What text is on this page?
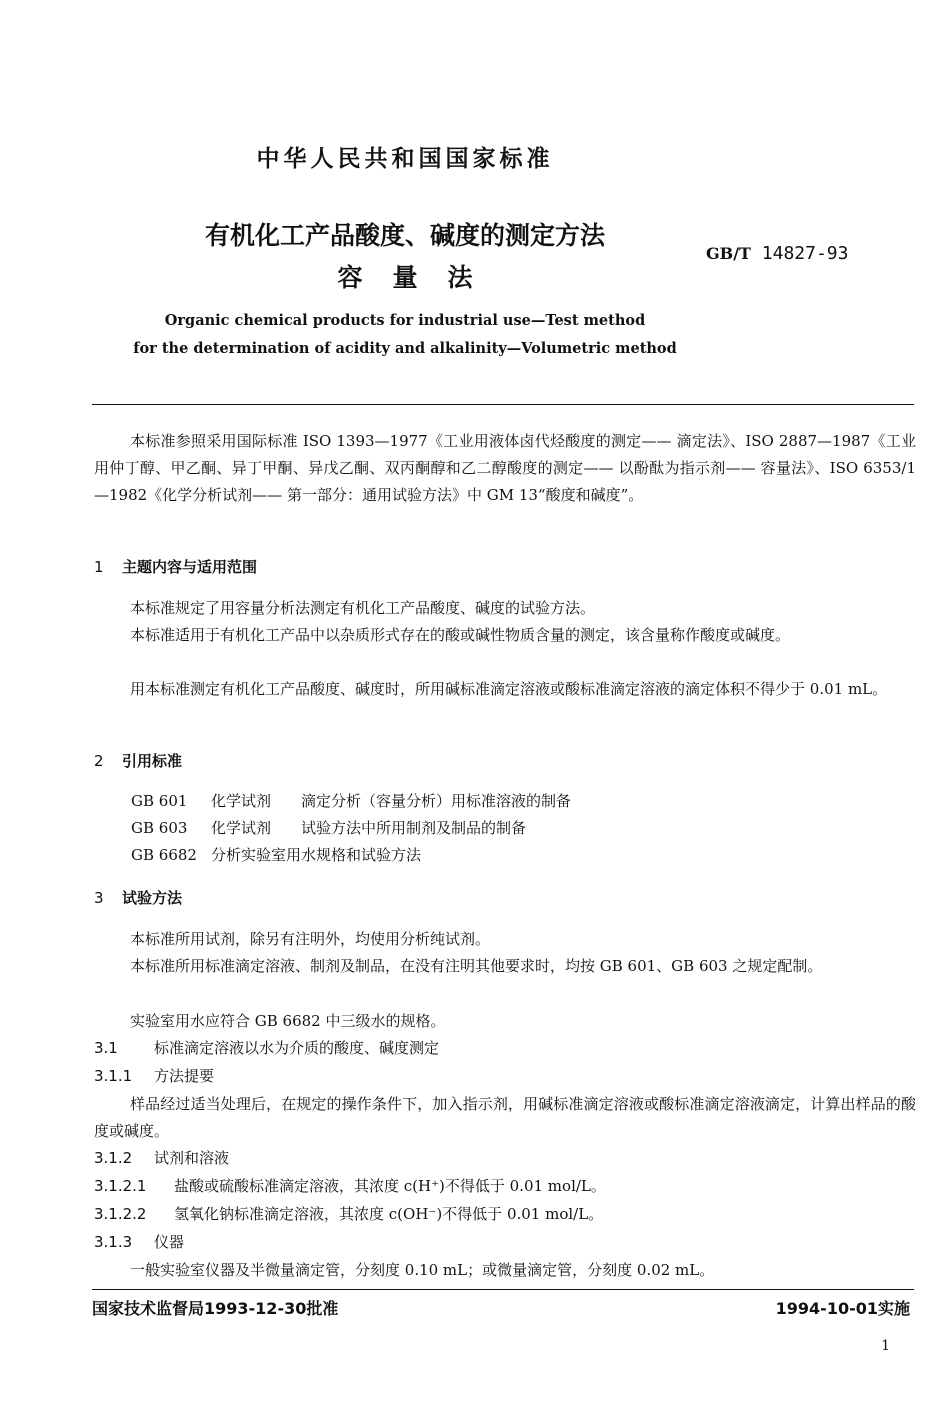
中华人民共和国国家标准
有机化工产品酸度、碱度的测定方法
容量法
GB/T 14827-93
Organic chemical products for industrial use—Test method
for the determination of acidity and alkalinity—Volumetric method
本标准参照采用国际标准 ISO 1393—1977《工业用液体卤代烃酸度的测定—— 滴定法》、ISO 2887—1987《工业用仲丁醇、甲乙酮、异丁甲酮、异戊乙酮、双丙酮醇和乙二醇酸度的测定—— 以酚酞为指示剂—— 容量法》、ISO 6353/1—1982《化学分析试剂—— 第一部分：通用试验方法》中 GM 13“酸度和碱度”。
1 主题内容与适用范围
本标准规定了用容量分析法测定有机化工产品酸度、碱度的试验方法。
本标准适用于有机化工产品中以杂质形式存在的酸或碱性物质含量的测定，该含量称作酸度或碱度。
用本标准测定有机化工产品酸度、碱度时，所用碱标准滴定溶液或酸标准滴定溶液的滴定体积不得少于 0.01 mL。
2 引用标准
GB 601 化学试剂 滴定分析（容量分析）用标准溶液的制备
GB 603 化学试剂 试验方法中所用制剂及制品的制备
GB 6682 分析实验室用水规格和试验方法
3 试验方法
本标准所用试剂，除另有注明外，均使用分析纯试剂。
本标准所用标准滴定溶液、制剂及制品，在没有注明其他要求时，均按 GB 601、GB 603 之规定配制。
实验室用水应符合 GB 6682 中三级水的规格。
3.1 标准滴定溶液以水为介质的酸度、碱度测定
3.1.1 方法提要
样品经过适当处理后，在规定的操作条件下，加入指示剂，用碱标准滴定溶液或酸标准滴定溶液滴定，计算出样品的酸度或碱度。
3.1.2 试剂和溶液
3.1.2.1 盐酸或硫酸标准滴定溶液，其浓度 c(H⁺)不得低于 0.01 mol/L。
3.1.2.2 氢氧化钠标准滴定溶液，其浓度 c(OH⁻)不得低于 0.01 mol/L。
3.1.3 仪器
一般实验室仪器及半微量滴定管，分刻度 0.10 mL；或微量滴定管，分刻度 0.02 mL。
国家技术监督局1993-12-30批准	1994-10-01实施
1
